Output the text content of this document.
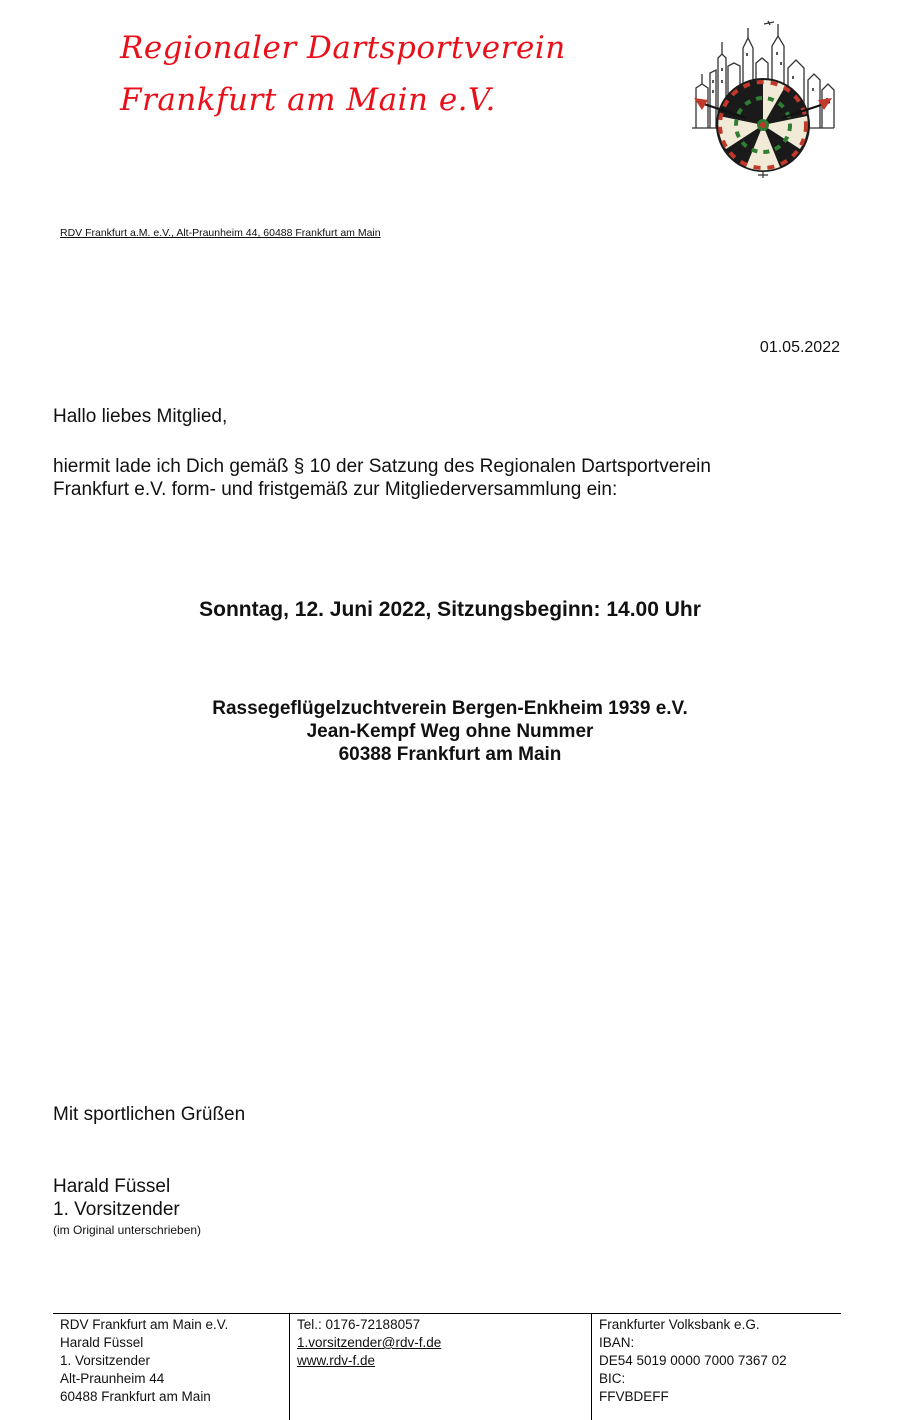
Regionaler Dartsportverein
Frankfurt am Main e.V.
RDV Frankfurt a.M. e.V., Alt-Praunheim 44, 60488 Frankfurt am Main
01.05.2022
Hallo liebes Mitglied,
hiermit lade ich Dich gemäß § 10 der Satzung des Regionalen Dartsportverein
Frankfurt e.V. form- und fristgemäß zur Mitgliederversammlung ein:
Sonntag, 12. Juni 2022, Sitzungsbeginn: 14.00 Uhr
Rassegeflügelzuchtverein Bergen-Enkheim 1939 e.V.
Jean-Kempf Weg ohne Nummer
60388 Frankfurt am Main
Mit sportlichen Grüßen
Harald Füssel
1. Vorsitzender
(im Original unterschrieben)
RDV Frankfurt am Main e.V.
Harald Füssel
1. Vorsitzender
Alt-Praunheim 44
60488 Frankfurt am Main
Tel.: 0176-72188057
1.vorsitzender@rdv-f.de
www.rdv-f.de
Frankfurter Volksbank e.G.
IBAN:
DE54 5019 0000 7000 7367 02
BIC:
FFVBDEFF
